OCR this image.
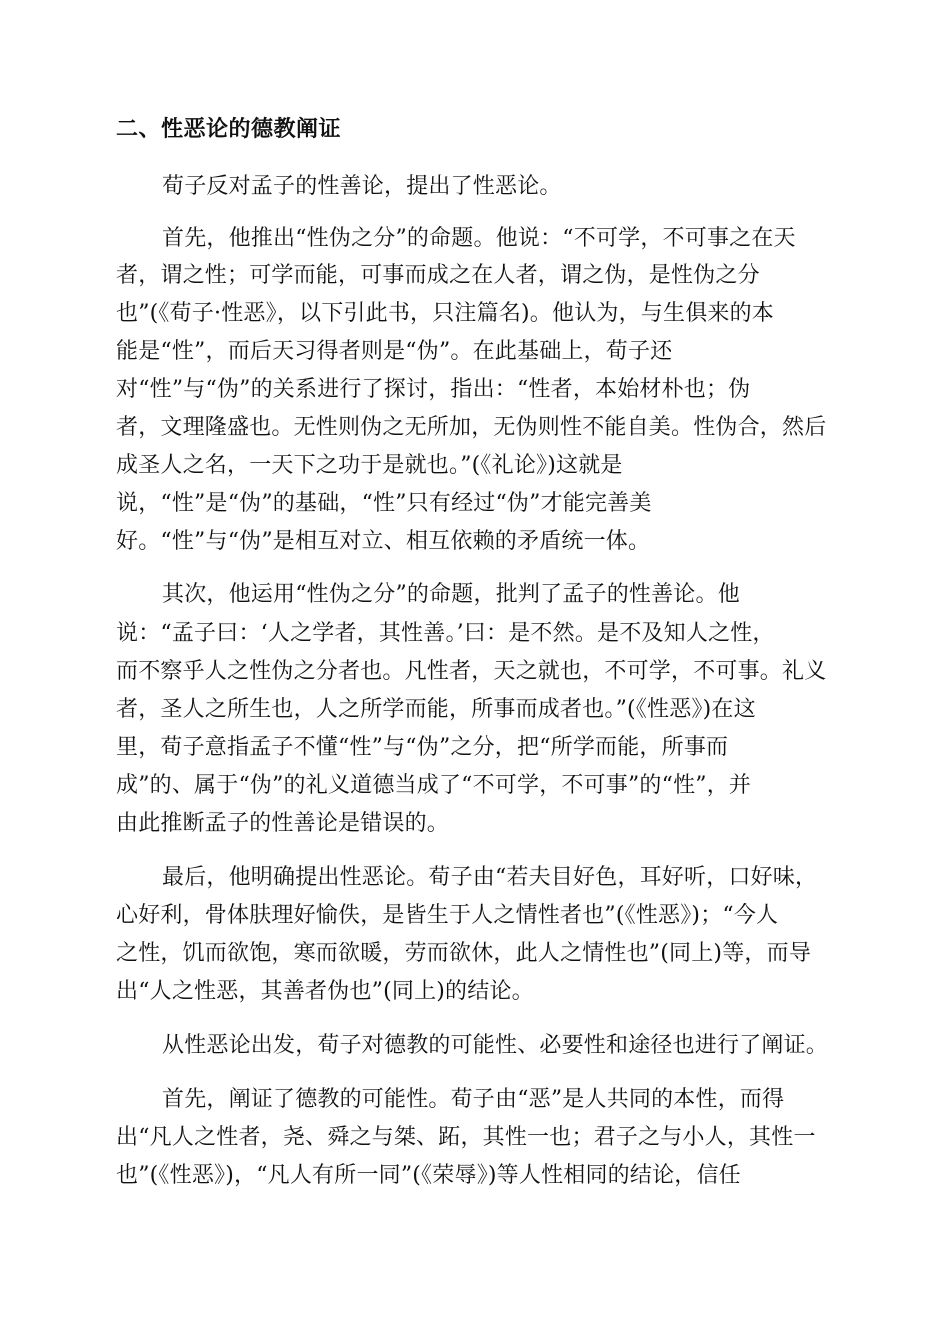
二、性恶论的德教阐证
荀子反对孟子的性善论，提出了性恶论。
首先，他推出“性伪之分”的命题。他说：“不可学，不可事之在天
者，谓之性；可学而能，可事而成之在人者，谓之伪，是性伪之分
也”(《荀子·性恶》，以下引此书，只注篇名)。他认为，与生俱来的本
能是“性”，而后天习得者则是“伪”。在此基础上，荀子还
对“性”与“伪”的关系进行了探讨，指出：“性者，本始材朴也；伪
者，文理隆盛也。无性则伪之无所加，无伪则性不能自美。性伪合，然后
成圣人之名，一天下之功于是就也。”(《礼论》)这就是
说，“性”是“伪”的基础，“性”只有经过“伪”才能完善美
好。“性”与“伪”是相互对立、相互依赖的矛盾统一体。
其次，他运用“性伪之分”的命题，批判了孟子的性善论。他
说：“孟子曰：‘人之学者，其性善。’曰：是不然。是不及知人之性，
而不察乎人之性伪之分者也。凡性者，天之就也，不可学，不可事。礼义
者，圣人之所生也，人之所学而能，所事而成者也。”(《性恶》)在这
里，荀子意指孟子不懂“性”与“伪”之分，把“所学而能，所事而
成”的、属于“伪”的礼义道德当成了“不可学，不可事”的“性”，并
由此推断孟子的性善论是错误的。
最后，他明确提出性恶论。荀子由“若夫目好色，耳好听，口好味，
心好利，骨体肤理好愉佚，是皆生于人之情性者也”(《性恶》)；“今人
之性，饥而欲饱，寒而欲暖，劳而欲休，此人之情性也”(同上)等，而导
出“人之性恶，其善者伪也”(同上)的结论。
从性恶论出发，荀子对德教的可能性、必要性和途径也进行了阐证。
首先，阐证了德教的可能性。荀子由“恶”是人共同的本性，而得
出“凡人之性者，尧、舜之与桀、跖，其性一也；君子之与小人，其性一
也”(《性恶》)，“凡人有所一同”(《荣辱》)等人性相同的结论，信任
